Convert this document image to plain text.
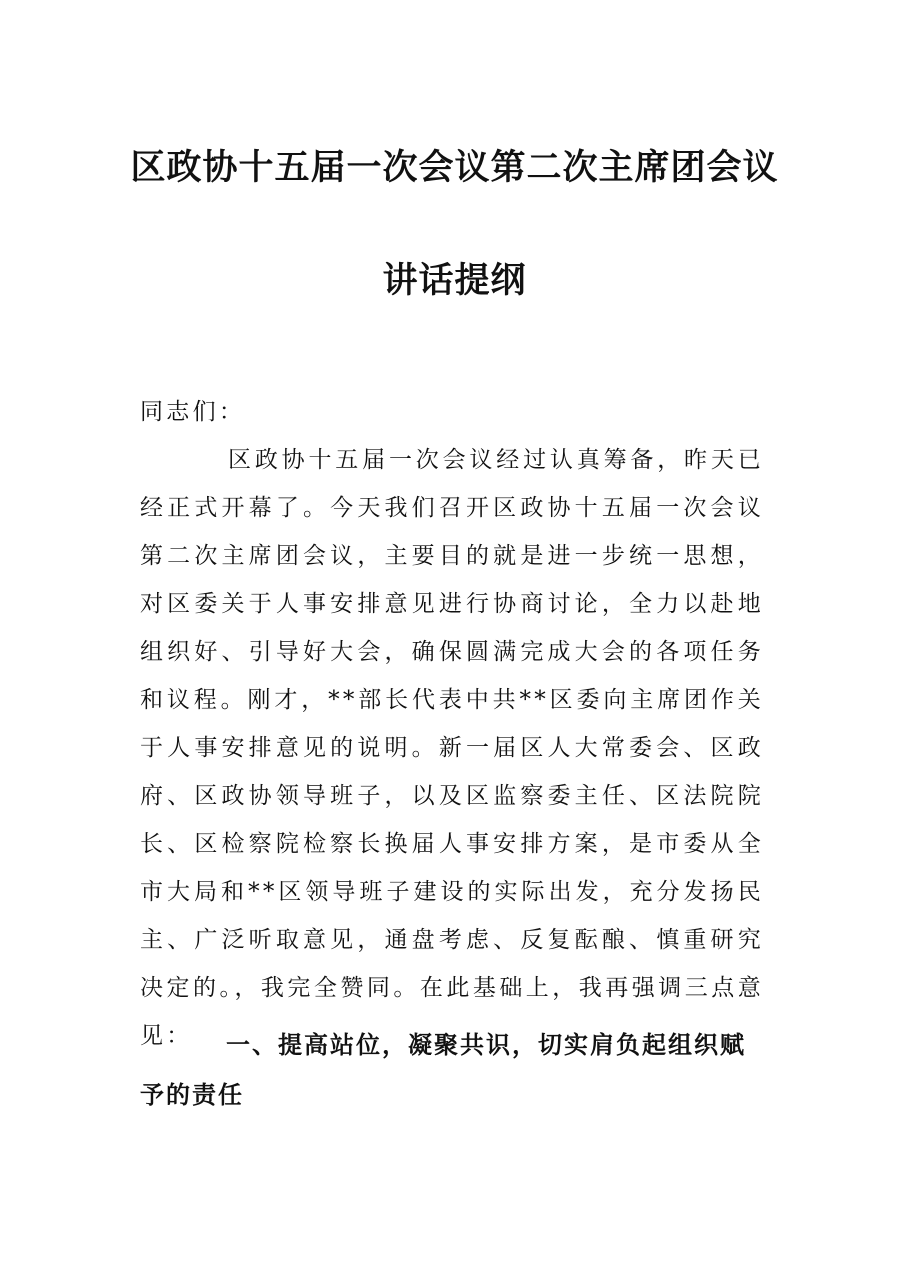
区政协十五届一次会议第二次主席团会议
讲话提纲
同志们：
区政协十五届一次会议经过认真筹备，昨天已经正式开幕了。今天我们召开区政协十五届一次会议第二次主席团会议，主要目的就是进一步统一思想，对区委关于人事安排意见进行协商讨论，全力以赴地组织好、引导好大会，确保圆满完成大会的各项任务和议程。刚才，**部长代表中共**区委向主席团作关于人事安排意见的说明。新一届区人大常委会、区政府、区政协领导班子，以及区监察委主任、区法院院长、区检察院检察长换届人事安排方案，是市委从全市大局和**区领导班子建设的实际出发，充分发扬民主、广泛听取意见，通盘考虑、反复酝酿、慎重研究决定的。，我完全赞同。在此基础上，我再强调三点意见：	一、提高站位，凝聚共识，切实肩负起组织赋予的责任
